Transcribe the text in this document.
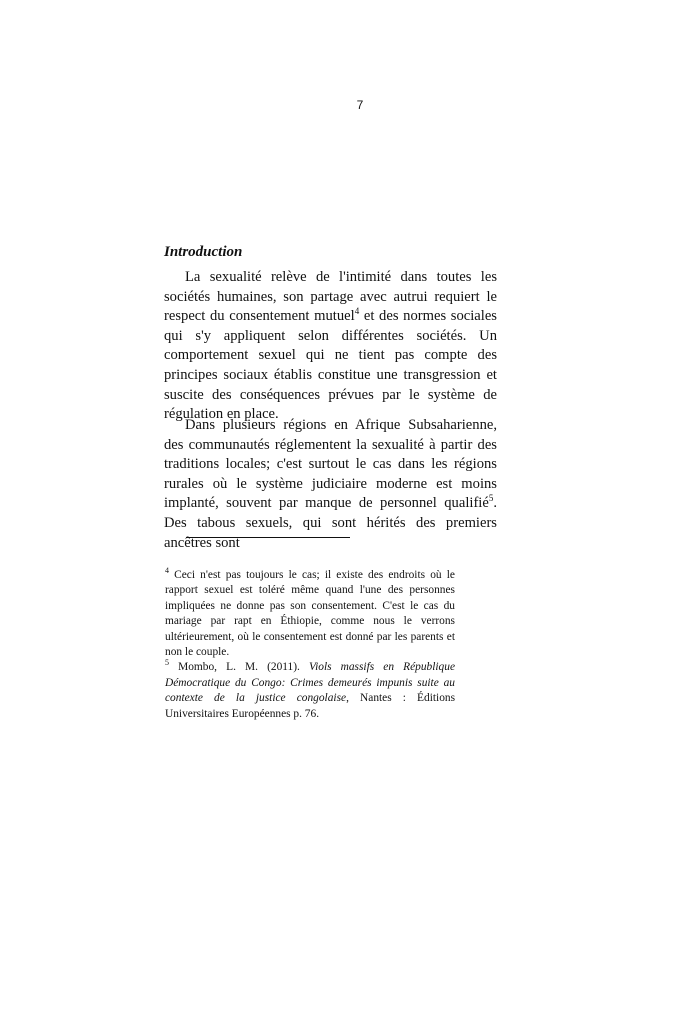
7
Introduction

La sexualité relève de l'intimité dans toutes les sociétés humaines, son partage avec autrui requiert le respect du consentement mutuel$^4$ et des normes sociales qui s'y appliquent selon différentes sociétés. Un comportement sexuel qui ne tient pas compte des principes sociaux établis constitue une transgression et suscite des conséquences prévues par le système de régulation en place.

Dans plusieurs régions en Afrique Subsaharienne, des communautés réglementent la sexualité à partir des traditions locales; c'est surtout le cas dans les régions rurales où le système judiciaire moderne est moins implanté, souvent par manque de personnel qualifié$^5$. Des tabous sexuels, qui sont hérités des premiers ancêtres sont

$^4$ Ceci n'est pas toujours le cas; il existe des endroits où le rapport sexuel est toléré même quand l'une des personnes impliquées ne donne pas son consentement. C'est le cas du mariage par rapt en Éthiopie, comme nous le verrons ultérieurement, où le consentement est donné par les parents et non le couple.

$^5$ Mombo, L. M. (2011). Viols massifs en République Démocratique du Congo: Crimes demeurés impunis suite au contexte de la justice congolaise, Nantes : Éditions Universitaires Européennes p. 76.
